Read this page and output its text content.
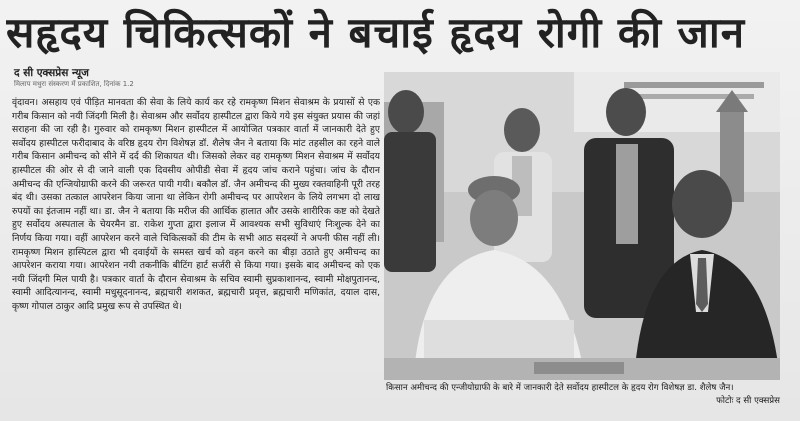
सहृदय चिकित्सकों ने बचाई हृदय रोगी की जान
द सी एक्सप्रेस न्यूज
मिलाप मथुरा संस्करण में प्रकाशित, दिनांक 1.2
वृंदावन। असहाय एवं पीड़ित मानवता की सेवा के लिये कार्य कर रहे रामकृष्ण मिशन सेवाश्रम के प्रयासों से एक गरीब किसान को नयी जिंदगी मिली है। सेवाश्रम और सर्वोदय हास्पीटल द्वारा किये गये इस संयुक्त प्रयास की जहां सराहना की जा रही है। गुरुवार को रामकृष्ण मिशन हास्पीटल में आयोजित पत्रकार वार्ता में जानकारी देते हुए सर्वोदय हास्पीटल फरीदाबाद के वरिष्ठ हृदय रोग विशेषज्ञ डॉ. शैलेष जैन ने बताया कि मांट तहसील का रहने वाले गरीब किसान अमीचन्द को सीने में दर्द की शिकायत थी। जिसको लेकर वह रामकृष्ण मिशन सेवाश्रम में सर्वोदय हास्पीटल की ओर से दी जाने वाली एक दिवसीय ओपीडी सेवा में हृदय जांच कराने पहुंचा। जांच के दौरान अमीचन्द की एन्जियोग्राफी करने की जरूरत पायी गयी। बकौल डॉ. जैन अमीचन्द की मुख्य रक्तवाहिनी पूरी तरह बंद थी। उसका तत्काल आपरेशन किया जाना था लेकिन रोगी अमीचन्द पर आपरेशन के लिये लगभग दो लाख रुपयों का इंतजाम नहीं था। डा. जैन ने बताया कि मरीज की आर्थिक हालात और उसके शारीरिक कष्ट को देखते हुए सर्वोदय अस्पताल के चेयरमैन डा. राकेश गुप्ता द्वारा इलाज में आवश्यक सभी सुविधाएं निःशुल्क देने का निर्णय किया गया। वहीं आपरेशन करने वाले चिकित्सकों की टीम के सभी आठ सदस्यों ने अपनी फीस नहीं ली। रामकृष्ण मिशन हास्पिटल द्वारा भी दवाईयों के समस्त खर्च को वहन करने का बीड़ा उठाते हुए अमीचन्द का आपरेशन कराया गया। आपरेशन नयी तकनीकि बीटिंग हार्ट सर्जरी से किया गया। इसके बाद अमीचन्द को एक नयी जिंदगी मिल पायी है। पत्रकार वार्ता के दौरान सेवाश्रम के सचिव स्वामी सुप्रकाशानन्द, स्वामी मोक्षपुतानन्द, स्वामी आदित्यानन्द, स्वामी मधुसूदनानन्द, ब्रह्मचारी शशकत, ब्रह्मचारी प्रवृत्त, ब्रह्मचारी मणिकांत, दयाल दास, कृष्ण गोपाल ठाकुर आदि प्रमुख रूप से उपस्थित थे।
किसान अमीचन्द की एन्जीयोग्राफी के बारे में जानकारी देते सर्वोदय हास्पीटल के हृदय रोग विशेषज्ञ डा. शैलेष जैन।
फोटोः द सी एक्सप्रेस
